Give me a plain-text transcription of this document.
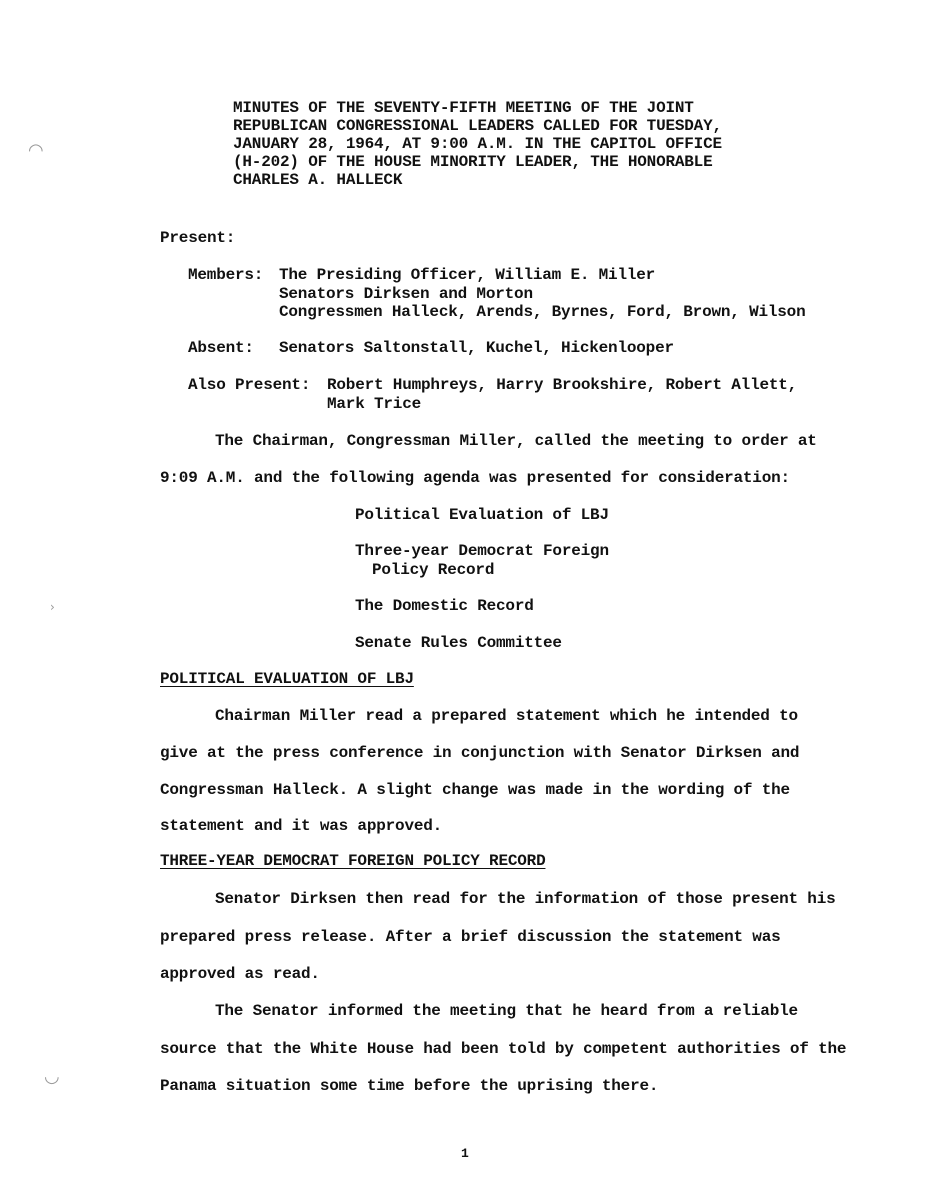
◠
›
◡
MINUTES OF THE SEVENTY-FIFTH MEETING OF THE JOINT
REPUBLICAN CONGRESSIONAL LEADERS CALLED FOR TUESDAY,
JANUARY 28, 1964, AT 9:00 A.M. IN THE CAPITOL OFFICE
(H-202) OF THE HOUSE MINORITY LEADER, THE HONORABLE
CHARLES A. HALLECK
Present:
Members: The Presiding Officer, William E. Miller
Senators Dirksen and Morton
Congressmen Halleck, Arends, Byrnes, Ford, Brown, Wilson
Absent: Senators Saltonstall, Kuchel, Hickenlooper
Also Present: Robert Humphreys, Harry Brookshire, Robert Allett,
Mark Trice
The Chairman, Congressman Miller, called the meeting to order at
9:09 A.M. and the following agenda was presented for consideration:
Political Evaluation of LBJ
Three-year Democrat Foreign
Policy Record
The Domestic Record
Senate Rules Committee
POLITICAL EVALUATION OF LBJ
Chairman Miller read a prepared statement which he intended to
give at the press conference in conjunction with Senator Dirksen and
Congressman Halleck. A slight change was made in the wording of the
statement and it was approved.
THREE-YEAR DEMOCRAT FOREIGN POLICY RECORD
Senator Dirksen then read for the information of those present his
prepared press release. After a brief discussion the statement was
approved as read.
The Senator informed the meeting that he heard from a reliable
source that the White House had been told by competent authorities of the
Panama situation some time before the uprising there.
1
